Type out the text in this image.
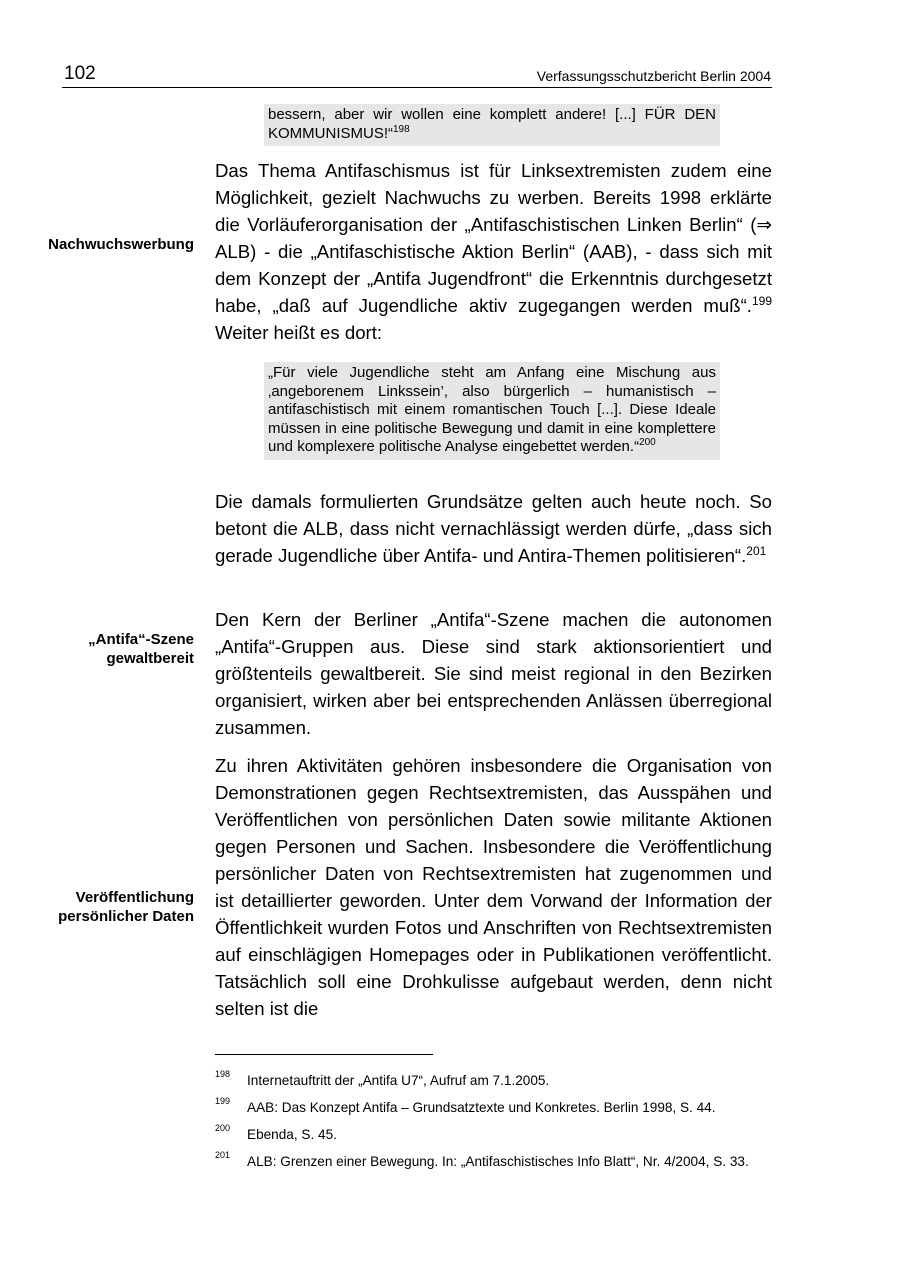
102	Verfassungsschutzbericht Berlin 2004
bessern, aber wir wollen eine komplett andere! [...] FÜR DEN KOMMUNISMUS!“$^{198}$
Das Thema Antifaschismus ist für Linksextremisten zudem eine Möglichkeit, gezielt Nachwuchs zu werben. Bereits 1998 erklärte die Vorläuferorganisation der „Antifaschistischen Linken Berlin“ (⇒ ALB) - die „Antifaschistische Aktion Berlin“ (AAB), - dass sich mit dem Konzept der „Antifa Jugendfront“ die Erkenntnis durchgesetzt habe, „daß auf Jugendliche aktiv zugegangen werden muß“.$^{199}$ Weiter heißt es dort:
„Für viele Jugendliche steht am Anfang eine Mischung aus ‚angeborenem Linkssein’, also bürgerlich – humanistisch – antifaschistisch mit einem romantischen Touch [...]. Diese Ideale müssen in eine politische Bewegung und damit in eine komplettere und komplexere politische Analyse eingebettet werden.“$^{200}$
Die damals formulierten Grundsätze gelten auch heute noch. So betont die ALB, dass nicht vernachlässigt werden dürfe, „dass sich gerade Jugendliche über Antifa- und Antira-Themen politisieren“.$^{201}$
Den Kern der Berliner „Antifa“-Szene machen die autonomen „Antifa“-Gruppen aus. Diese sind stark aktionsorientiert und größtenteils gewaltbereit. Sie sind meist regional in den Bezirken organisiert, wirken aber bei entsprechenden Anlässen überregional zusammen.
Zu ihren Aktivitäten gehören insbesondere die Organisation von Demonstrationen gegen Rechtsextremisten, das Ausspähen und Veröffentlichen von persönlichen Daten sowie militante Aktionen gegen Personen und Sachen. Insbesondere die Veröffentlichung persönlicher Daten von Rechtsextremisten hat zugenommen und ist detaillierter geworden. Unter dem Vorwand der Information der Öffentlichkeit wurden Fotos und Anschriften von Rechtsextremisten auf einschlägigen Homepages oder in Publikationen veröffentlicht. Tatsächlich soll eine Drohkulisse aufgebaut werden, denn nicht selten ist die
Nachwuchswerbung
„Antifa“-Szene
gewaltbereit
Veröffentlichung
persönlicher Daten
198 Internetauftritt der „Antifa U7“, Aufruf am 7.1.2005.
199 AAB: Das Konzept Antifa – Grundsatztexte und Konkretes. Berlin 1998, S. 44.
200 Ebenda, S. 45.
201 ALB: Grenzen einer Bewegung. In: „Antifaschistisches Info Blatt“, Nr. 4/2004, S. 33.
